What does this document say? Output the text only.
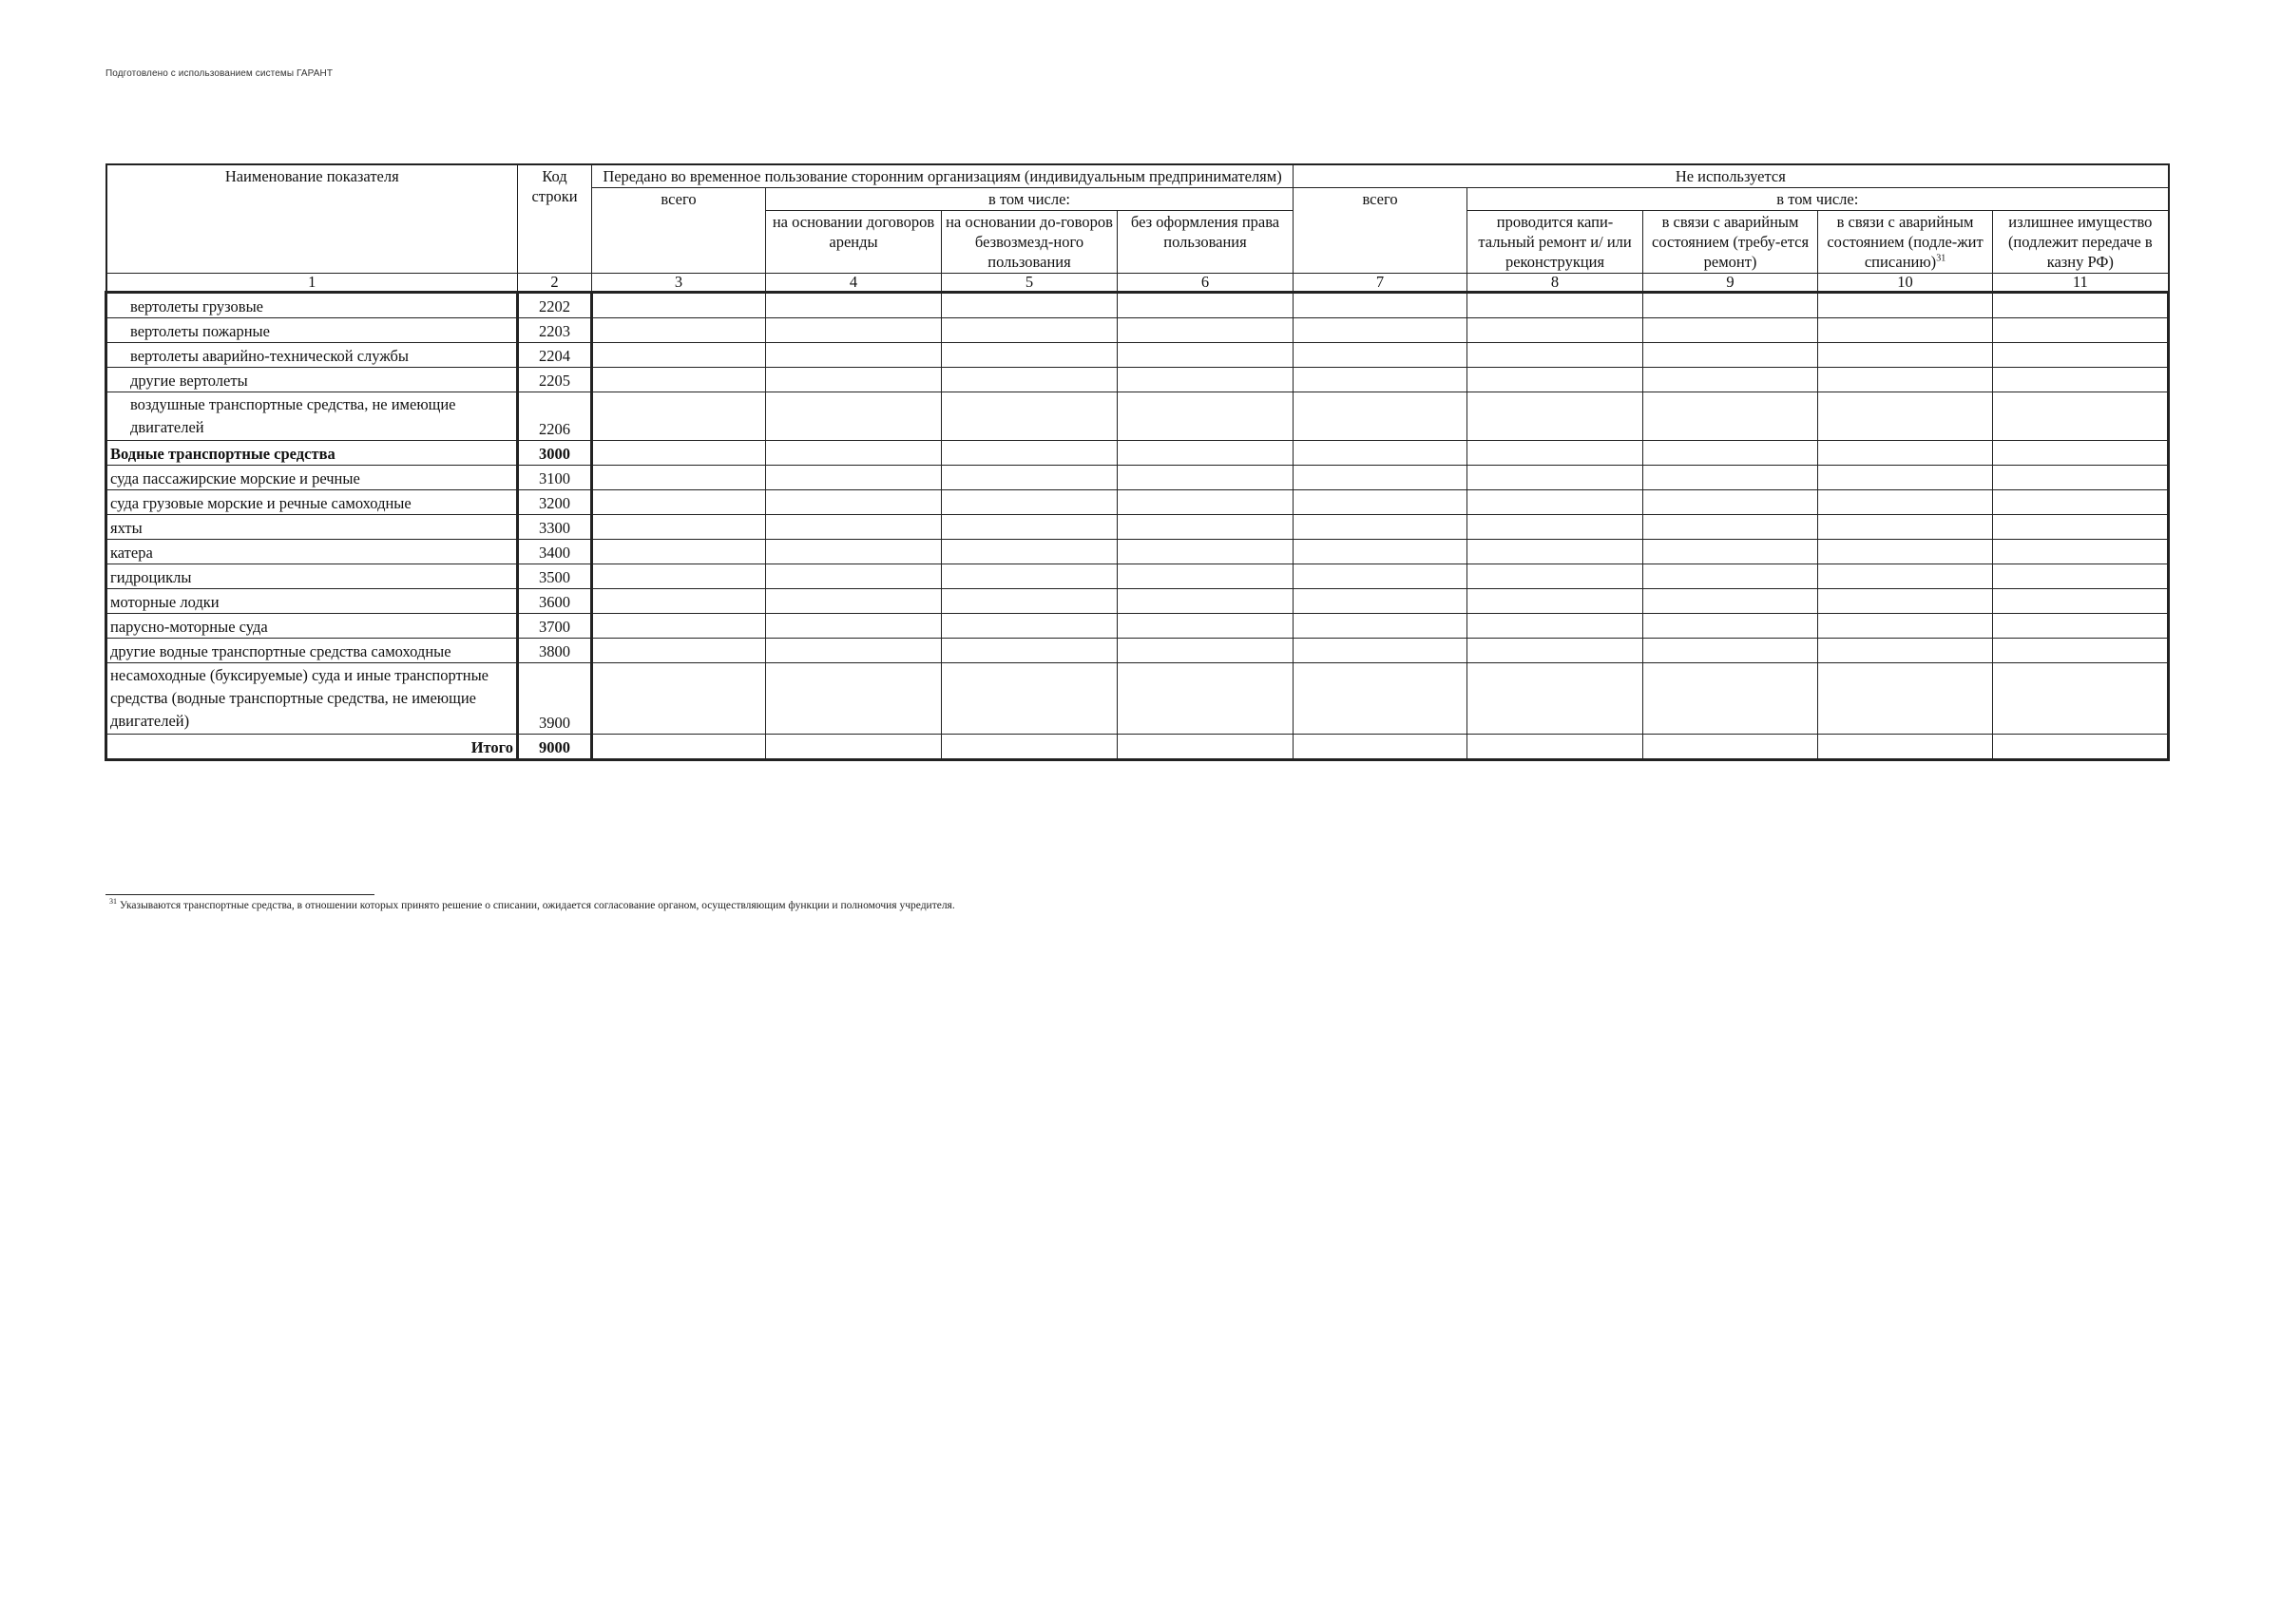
Подготовлено с использованием системы ГАРАНТ
Наименование показателя	Код строки	Передано во временное пользование сторонним организациям (индивидуальным предпринимателям)				Не используется				
		всего	в том числе:			всего	в том числе:			
			на основании договоров аренды	на основании до-говоров безвозмезд-ного пользования	без оформления права пользования		проводится капи-тальный ремонт и/ или реконструкция	в связи с аварийным состоянием (требу-ется ремонт)	в связи с аварийным состоянием (подле-жит списанию)$^{31}$	излишнее имущество (подлежит передаче в казну РФ)
1	2	3	4	5	6	7	8	9	10	11
вертолеты грузовые	2202									
вертолеты пожарные	2203									
вертолеты аварийно-технической службы	2204									
другие вертолеты	2205									
воздушные транспортные средства, не имеющие двигателей	2206									
Водные транспортные средства	3000									
суда пассажирские морские и речные	3100									
суда грузовые морские и речные самоходные	3200									
яхты	3300									
катера	3400									
гидроциклы	3500									
моторные лодки	3600									
парусно-моторные суда	3700									
другие водные транспортные средства самоходные	3800									
несамоходные (буксируемые) суда и иные транспортные средства (водные транспортные средства, не имеющие двигателей)	3900									
Итого	9000									
$^{31}$ Указываются транспортные средства, в отношении которых принято решение о списании, ожидается согласование органом, осуществляющим функции и полномочия учредителя.
